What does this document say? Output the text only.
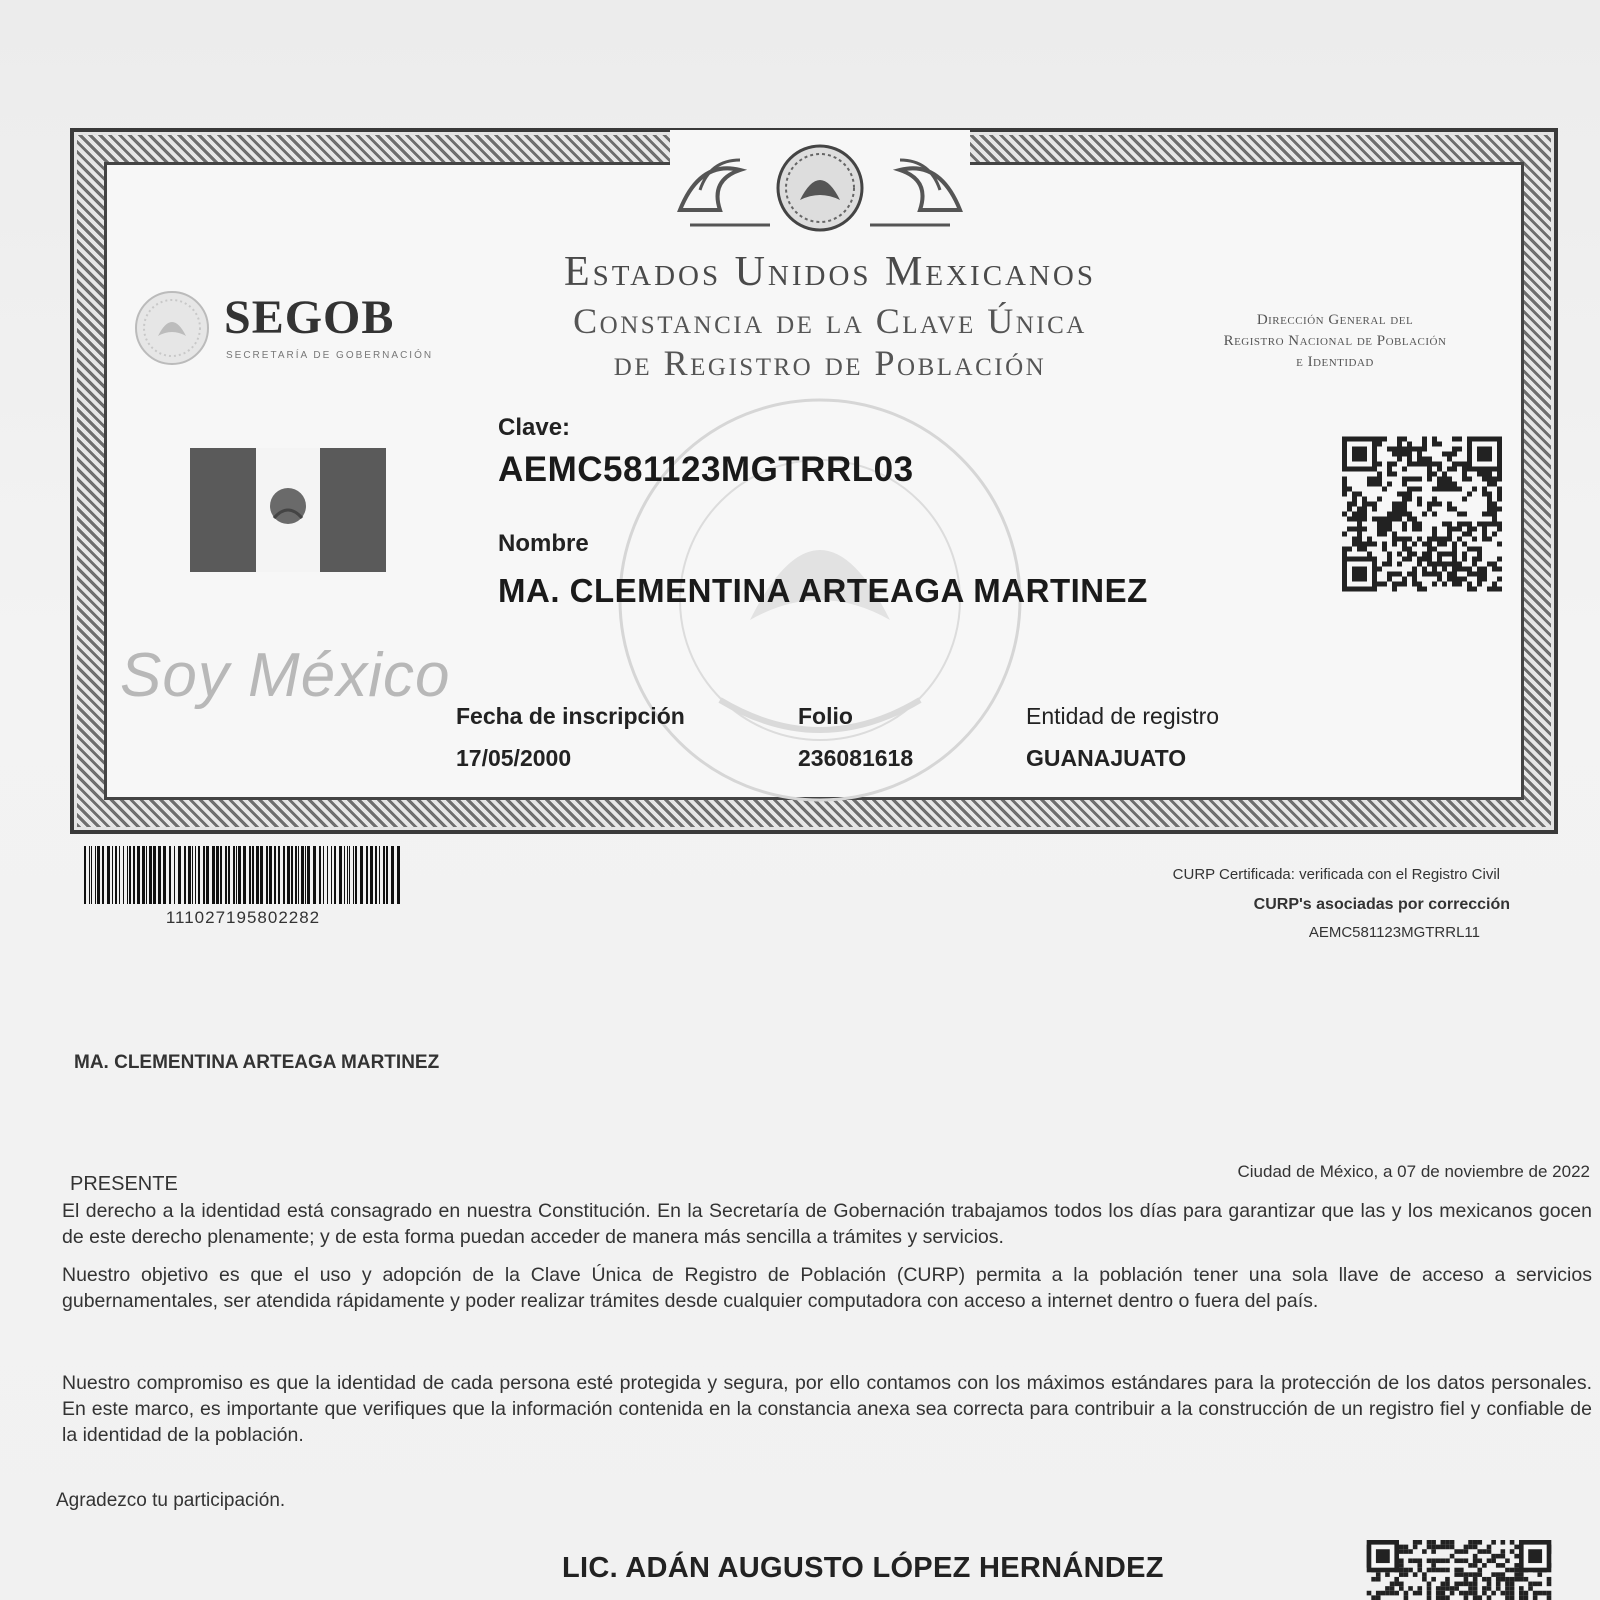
Estados Unidos Mexicanos
Constancia de la Clave Única
de Registro de Población
SEGOB
SECRETARÍA DE GOBERNACIÓN
Dirección General del
Registro Nacional de Población
e Identidad
Clave:
AEMC581123MGTRRL03
Nombre
MA. CLEMENTINA ARTEAGA MARTINEZ
Soy México
Fecha de inscripción
17/05/2000
Folio
236081618
Entidad de registro
GUANAJUATO
111027195802282
CURP Certificada: verificada con el Registro Civil
CURP's asociadas por corrección
AEMC581123MGTRRL11
MA. CLEMENTINA ARTEAGA MARTINEZ
PRESENTE
Ciudad de México, a 07 de noviembre de 2022
El derecho a la identidad está consagrado en nuestra Constitución. En la Secretaría de Gobernación trabajamos todos los días para garantizar que las y los mexicanos gocen de este derecho plenamente; y de esta forma puedan acceder de manera más sencilla a trámites y servicios.
Nuestro objetivo es que el uso y adopción de la Clave Única de Registro de Población (CURP) permita a la población tener una sola llave de acceso a servicios gubernamentales, ser atendida rápidamente y poder realizar trámites desde cualquier computadora con acceso a internet dentro o fuera del país.
Nuestro compromiso es que la identidad de cada persona esté protegida y segura, por ello contamos con los máximos estándares para la protección de los datos personales. En este marco, es importante que verifiques que la información contenida en la constancia anexa sea correcta para contribuir a la construcción de un registro fiel y confiable de la identidad de la población.
Agradezco tu participación.
LIC. ADÁN AUGUSTO LÓPEZ HERNÁNDEZ
